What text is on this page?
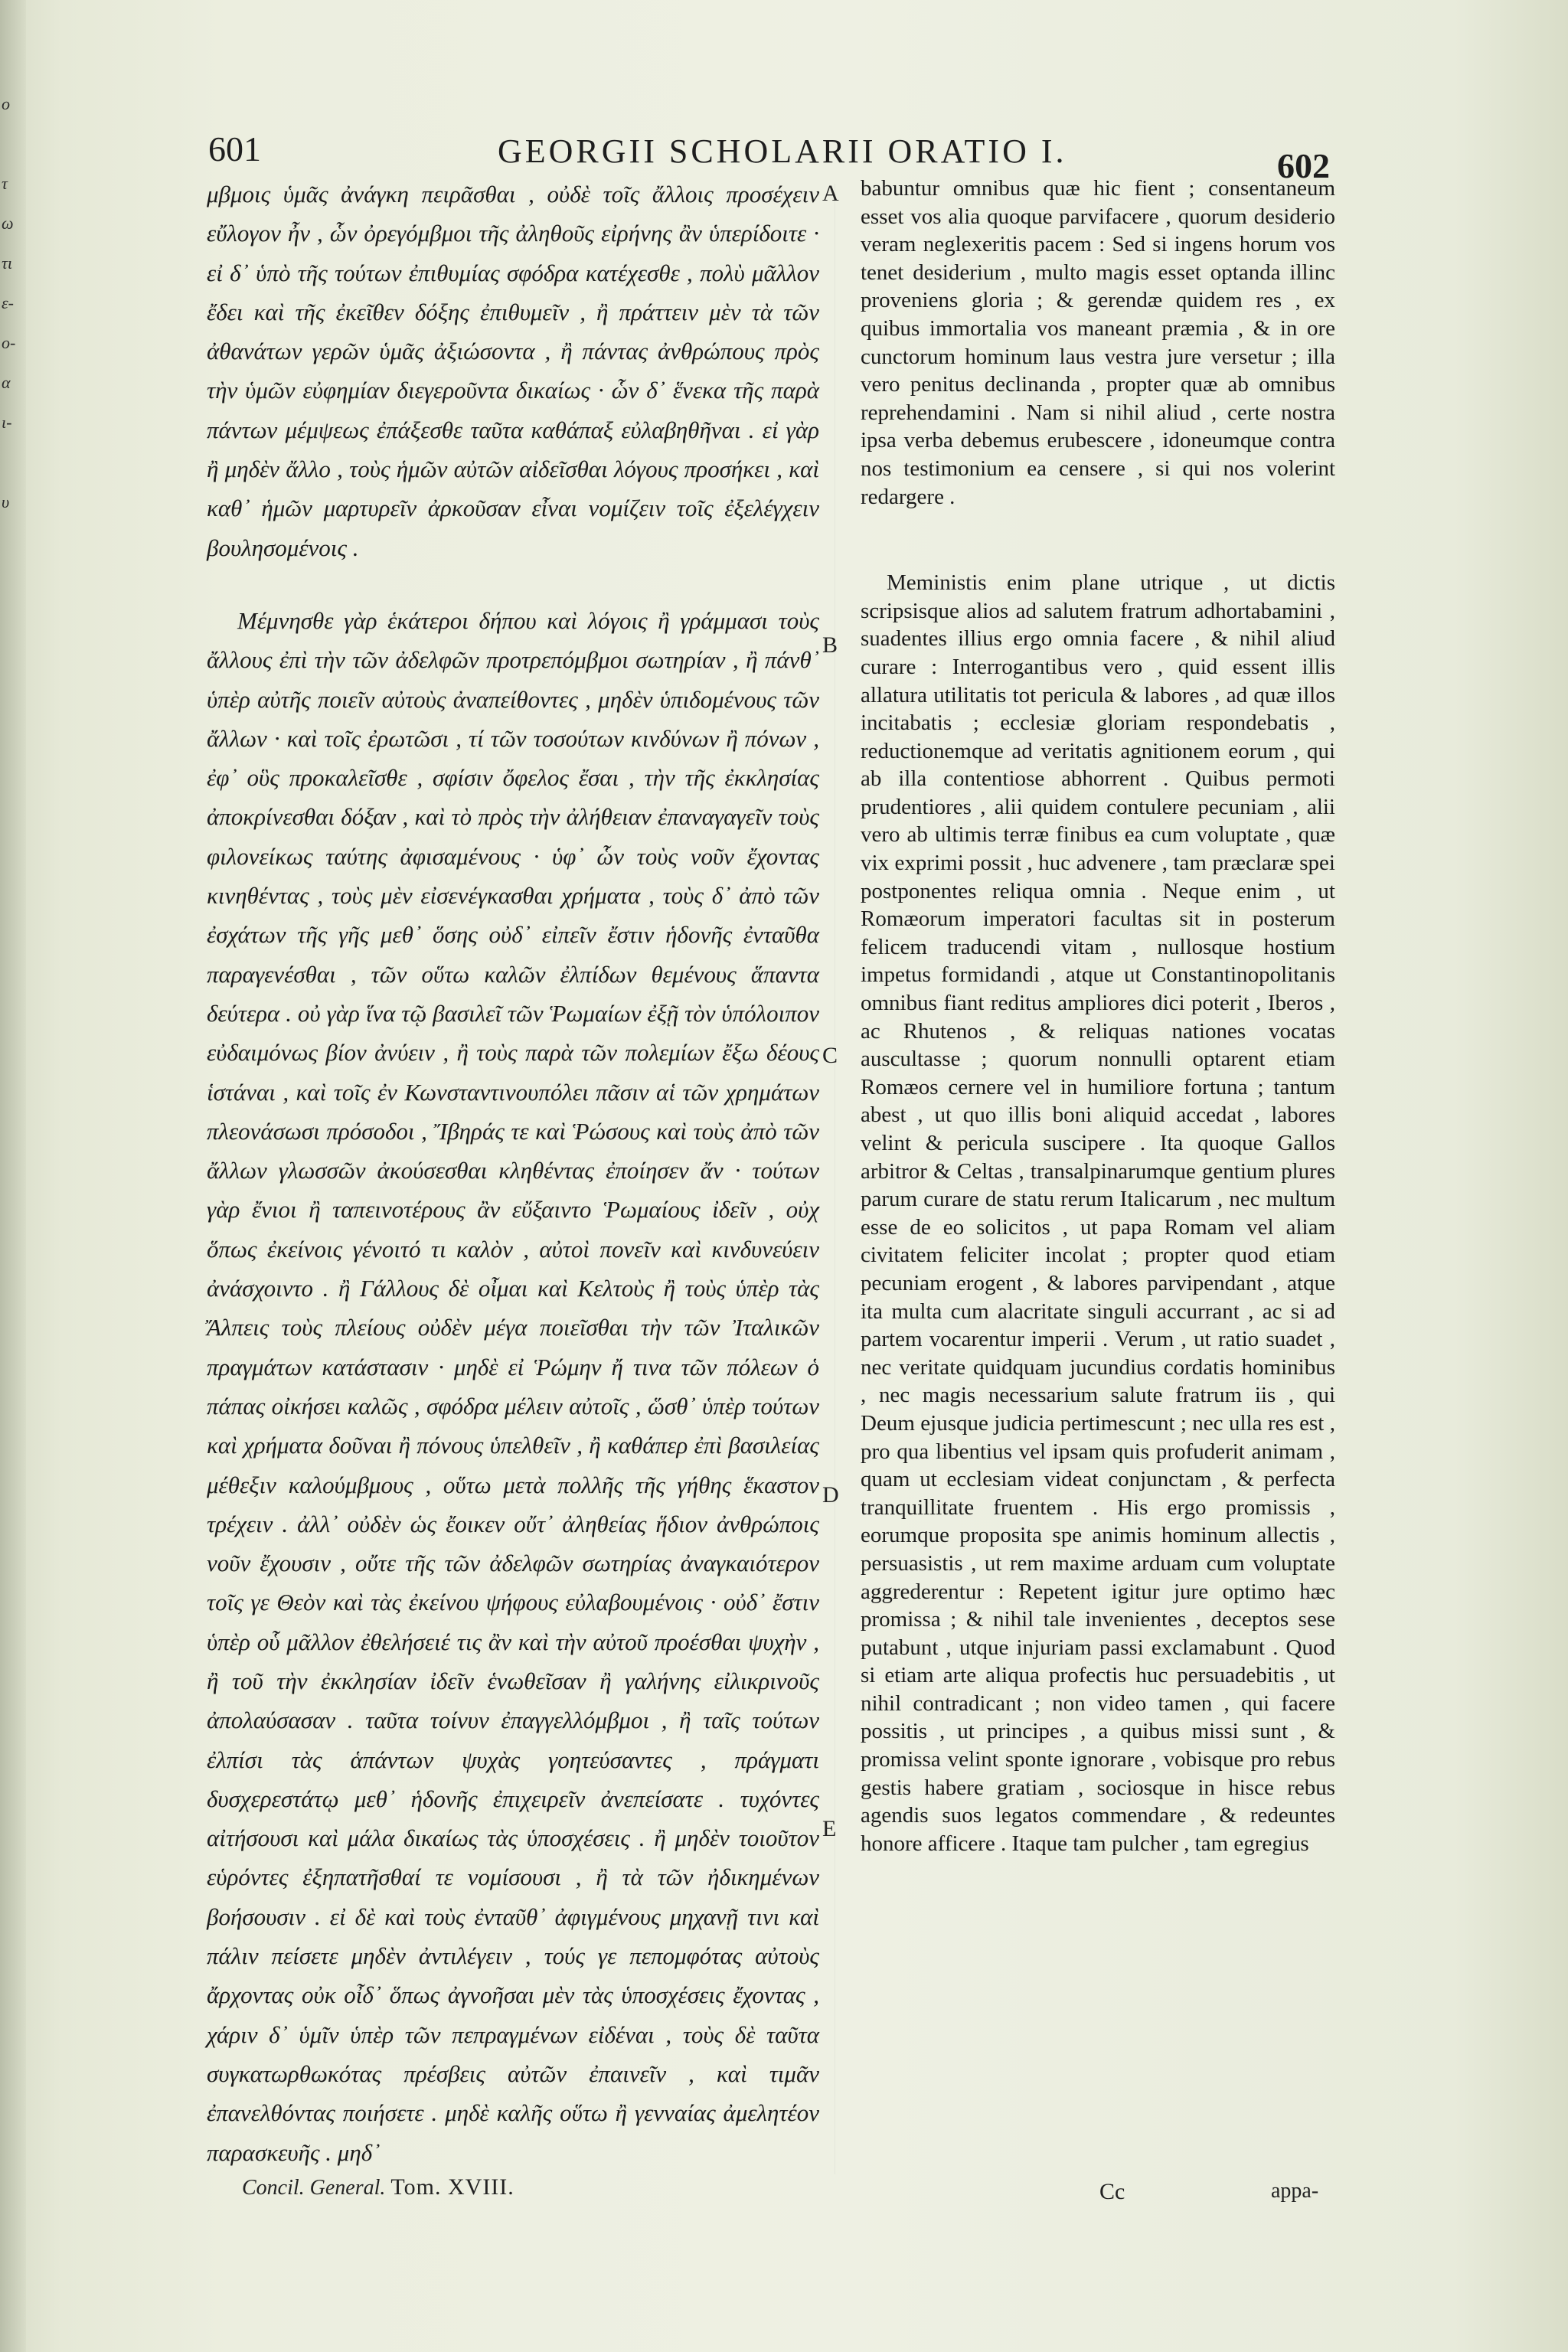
ο

τ
ω
τι
ε-
ο-
α
ι-

υ
601	GEORGII SCHOLARII ORATIO I.	602

μβμοις ὑμᾶς ἀνάγκη πειρᾶσθαι , οὐδὲ τοῖς ἄλλοις προσέχειν εὔλογον ἦν , ὧν ὀρεγόμβμοι τῆς ἀληθοῦς εἰρήνης ἂν ὑπερίδοιτε · εἰ δ᾽ ὑπὸ τῆς τούτων ἐπιθυμίας σφόδρα κατέχεσθε , πολὺ μᾶλλον ἔδει καὶ τῆς ἐκεῖθεν δόξης ἐπιθυμεῖν , ἢ πράττειν μὲν τὰ τῶν ἀθανάτων γερῶν ὑμᾶς ἀξιώσοντα , ἢ πάντας ἀνθρώπους πρὸς τὴν ὑμῶν εὐφημίαν διεγεροῦντα δικαίως · ὧν δ᾽ ἕνεκα τῆς παρὰ πάντων μέμψεως ἐπάξεσθε ταῦτα καθάπαξ εὐλαβηθῆναι . εἰ γὰρ ἢ μηδὲν ἄλλο , τοὺς ἡμῶν αὐτῶν αἰδεῖσθαι λόγους προσήκει , καὶ καθ᾽ ἡμῶν μαρτυρεῖν ἀρκοῦσαν εἶναι νομίζειν τοῖς ἐξελέγχειν βουλησομένοις .

Μέμνησθε γὰρ ἑκάτεροι δήπου καὶ λόγοις ἢ γράμμασι τοὺς ἄλλους ἐπὶ τὴν τῶν ἀδελφῶν προτρεπόμβμοι σωτηρίαν , ἢ πάνθ᾽ ὑπὲρ αὐτῆς ποιεῖν αὐτοὺς ἀναπείθοντες , μηδὲν ὑπιδομένους τῶν ἄλλων · καὶ τοῖς ἐρωτῶσι , τί τῶν τοσούτων κινδύνων ἢ πόνων , ἐφ᾽ οὓς προκαλεῖσθε , σφίσιν ὄφελος ἔσαι , τὴν τῆς ἐκκλησίας ἀποκρίνεσθαι δόξαν , καὶ τὸ πρὸς τὴν ἀλήθειαν ἐπαναγαγεῖν τοὺς φιλονείκως ταύτης ἀφισαμένους · ὑφ᾽ ὧν τοὺς νοῦν ἔχοντας κινηθέντας , τοὺς μὲν εἰσενέγκασθαι χρήματα , τοὺς δ᾽ ἀπὸ τῶν ἐσχάτων τῆς γῆς μεθ᾽ ὅσης οὐδ᾽ εἰπεῖν ἔστιν ἡδονῆς ἐνταῦθα παραγενέσθαι , τῶν οὕτω καλῶν ἐλπίδων θεμένους ἅπαντα δεύτερα . οὐ γὰρ ἵνα τῷ βασιλεῖ τῶν Ῥωμαίων ἐξῇ τὸν ὑπόλοιπον εὐδαιμόνως βίον ἀνύειν , ἢ τοὺς παρὰ τῶν πολεμίων ἔξω δέους ἱστάναι , καὶ τοῖς ἐν Κωνσταντινουπόλει πᾶσιν αἱ τῶν χρημάτων πλεονάσωσι πρόσοδοι , Ἴβηράς τε καὶ Ῥώσους καὶ τοὺς ἀπὸ τῶν ἄλλων γλωσσῶν ἀκούσεσθαι κληθέντας ἐποίησεν ἄν · τούτων γὰρ ἔνιοι ἢ ταπεινοτέρους ἂν εὔξαιντο Ῥωμαίους ἰδεῖν , οὐχ ὅπως ἐκείνοις γένοιτό τι καλὸν , αὐτοὶ πονεῖν καὶ κινδυνεύειν ἀνάσχοιντο . ἢ Γάλλους δὲ οἶμαι καὶ Κελτοὺς ἢ τοὺς ὑπὲρ τὰς Ἄλπεις τοὺς πλείους οὐδὲν μέγα ποιεῖσθαι τὴν τῶν Ἰταλικῶν πραγμάτων κατάστασιν · μηδὲ εἰ Ῥώμην ἤ τινα τῶν πόλεων ὁ πάπας οἰκήσει καλῶς , σφόδρα μέλειν αὐτοῖς , ὥσθ᾽ ὑπὲρ τούτων καὶ χρήματα δοῦναι ἢ πόνους ὑπελθεῖν , ἢ καθάπερ ἐπὶ βασιλείας μέθεξιν καλούμβμους , οὕτω μετὰ πολλῆς τῆς γήθης ἕκαστον τρέχειν . ἀλλ᾽ οὐδὲν ὡς ἔοικεν οὔτ᾽ ἀληθείας ἥδιον ἀνθρώποις νοῦν ἔχουσιν , οὔτε τῆς τῶν ἀδελφῶν σωτηρίας ἀναγκαιότερον τοῖς γε Θεὸν καὶ τὰς ἐκείνου ψήφους εὐλαβουμένοις · οὐδ᾽ ἔστιν ὑπὲρ οὗ μᾶλλον ἐθελήσειέ τις ἂν καὶ τὴν αὐτοῦ προέσθαι ψυχὴν , ἢ τοῦ τὴν ἐκκλησίαν ἰδεῖν ἑνωθεῖσαν ἢ γαλήνης εἰλικρινοῦς ἀπολαύσασαν . ταῦτα τοίνυν ἐπαγγελλόμβμοι , ἢ ταῖς τούτων ἐλπίσι τὰς ἁπάντων ψυχὰς γοητεύσαντες , πράγματι δυσχερεστάτῳ μεθ᾽ ἡδονῆς ἐπιχειρεῖν ἀνεπείσατε . τυχόντες αἰτήσουσι καὶ μάλα δικαίως τὰς ὑποσχέσεις . ἢ μηδὲν τοιοῦτον εὑρόντες ἐξηπατῆσθαί τε νομίσουσι , ἢ τὰ τῶν ἠδικημένων βοήσουσιν . εἰ δὲ καὶ τοὺς ἐνταῦθ᾽ ἀφιγμένους μηχανῇ τινι καὶ πάλιν πείσετε μηδὲν ἀντιλέγειν , τούς γε πεπομφότας αὐτοὺς ἄρχοντας οὐκ οἶδ᾽ ὅπως ἀγνοῆσαι μὲν τὰς ὑποσχέσεις ἔχοντας , χάριν δ᾽ ὑμῖν ὑπὲρ τῶν πεπραγμένων εἰδέναι , τοὺς δὲ ταῦτα συγκατωρθωκότας πρέσβεις αὐτῶν ἐπαινεῖν , καὶ τιμᾶν ἐπανελθόντας ποιήσετε . μηδὲ καλῆς οὕτω ἢ γενναίας ἀμελητέον παρασκευῆς . μηδ᾽

A
B
C
D
E

babuntur omnibus quæ hic fient ; consentaneum esset vos alia quoque parvifacere , quorum desiderio veram neglexeritis pacem : Sed si ingens horum vos tenet desiderium , multo magis esset optanda illinc proveniens gloria ; & gerendæ quidem res , ex quibus immortalia vos maneant præmia , & in ore cunctorum hominum laus vestra jure versetur ; illa vero penitus declinanda , propter quæ ab omnibus reprehendamini . Nam si nihil aliud , certe nostra ipsa verba debemus erubescere , idoneumque contra nos testimonium ea censere , si qui nos volerint redargere .

Meministis enim plane utrique , ut dictis scripsisque alios ad salutem fratrum adhortabamini , suadentes illius ergo omnia facere , & nihil aliud curare : Interrogantibus vero , quid essent illis allatura utilitatis tot pericula & labores , ad quæ illos incitabatis ; ecclesiæ gloriam respondebatis , reductionemque ad veritatis agnitionem eorum , qui ab illa contentiose abhorrent . Quibus permoti prudentiores , alii quidem contulere pecuniam , alii vero ab ultimis terræ finibus ea cum voluptate , quæ vix exprimi possit , huc advenere , tam præclaræ spei postponentes reliqua omnia . Neque enim , ut Romæorum imperatori facultas sit in posterum felicem traducendi vitam , nullosque hostium impetus formidandi , atque ut Constantinopolitanis omnibus fiant reditus ampliores dici poterit , Iberos , ac Rhutenos , & reliquas nationes vocatas auscultasse ; quorum nonnulli optarent etiam Romæos cernere vel in humiliore fortuna ; tantum abest , ut quo illis boni aliquid accedat , labores velint & pericula suscipere . Ita quoque Gallos arbitror & Celtas , transalpinarumque gentium plures parum curare de statu rerum Italicarum , nec multum esse de eo solicitos , ut papa Romam vel aliam civitatem feliciter incolat ; propter quod etiam pecuniam erogent , & labores parvipendant , atque ita multa cum alacritate singuli accurrant , ac si ad partem vocarentur imperii . Verum , ut ratio suadet , nec veritate quidquam jucundius cordatis hominibus , nec magis necessarium salute fratrum iis , qui Deum ejusque judicia pertimescunt ; nec ulla res est , pro qua libentius vel ipsam quis profuderit animam , quam ut ecclesiam videat conjunctam , & perfecta tranquillitate fruentem . His ergo promissis , eorumque proposita spe animis hominum allectis , persuasistis , ut rem maxime arduam cum voluptate aggrederentur : Repetent igitur jure optimo hæc promissa ; & nihil tale invenientes , deceptos sese putabunt , utque injuriam passi exclamabunt . Quod si etiam arte aliqua profectis huc persuadebitis , ut nihil contradicant ; non video tamen , qui facere possitis , ut principes , a quibus missi sunt , & promissa velint sponte ignorare , vobisque pro rebus gestis habere gratiam , sociosque in hisce rebus agendis suos legatos commendare , & redeuntes honore afficere . Itaque tam pulcher , tam egregius

Concil. General. Tom. XVIII.	Cc	appa-
